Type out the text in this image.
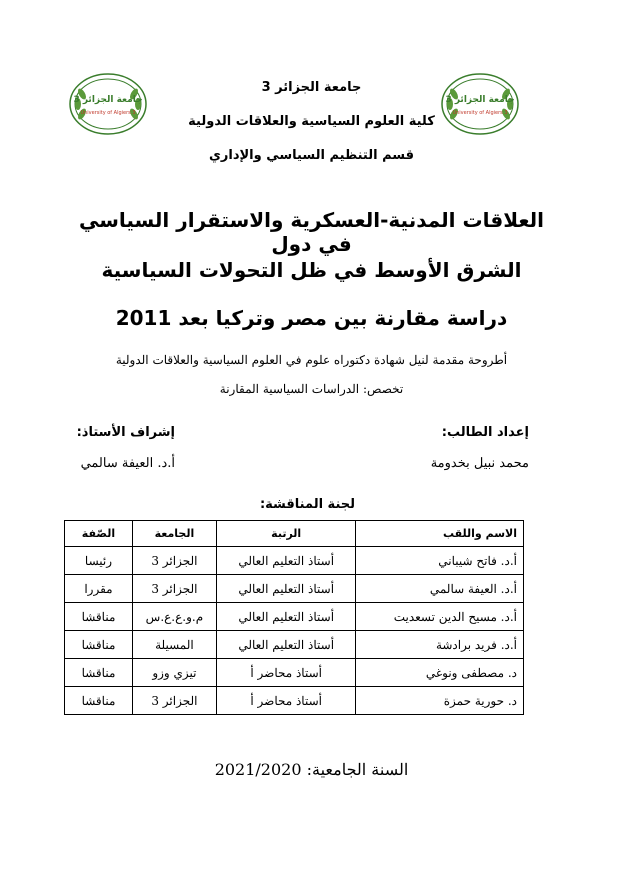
جامعة الجزائر 3
University of Algiers 3
جامعة الجزائر 3
University of Algiers 3
جامعة الجزائر 3
كلية العلوم السياسية والعلاقات الدولية
قسم التنظيم السياسي والإداري
العلاقات المدنية-العسكرية والاستقرار السياسي في دول
الشرق الأوسط في ظل التحولات السياسية
دراسة مقارنة بين مصر وتركيا بعد 2011
أطروحة مقدمة لنيل شهادة دكتوراه علوم في العلوم السياسية والعلاقات الدولية
تخصص: الدراسات السياسية المقارنة
إعداد الطالب:
إشراف الأستاذ:
محمد نبيل بخدومة
أ.د. العيفة سالمي
لجنة المناقشة:
الاسم واللقب	الرتبة	الجامعة	الصّفة
أ.د. فاتح شيباني	أستاذ التعليم العالي	الجزائر 3	رئيسا
أ.د. العيفة سالمي	أستاذ التعليم العالي	الجزائر 3	مقررا
أ.د. مسيح الدين تسعديت	أستاذ التعليم العالي	م.و.ع.ع.س	مناقشا
أ.د. فريد برادشة	أستاذ التعليم العالي	المسيلة	مناقشا
د. مصطفى ونوغي	أستاذ محاضر أ	تيزي وزو	مناقشا
د. حورية حمزة	أستاذ محاضر أ	الجزائر 3	مناقشا
السنة الجامعية: 2021/2020
